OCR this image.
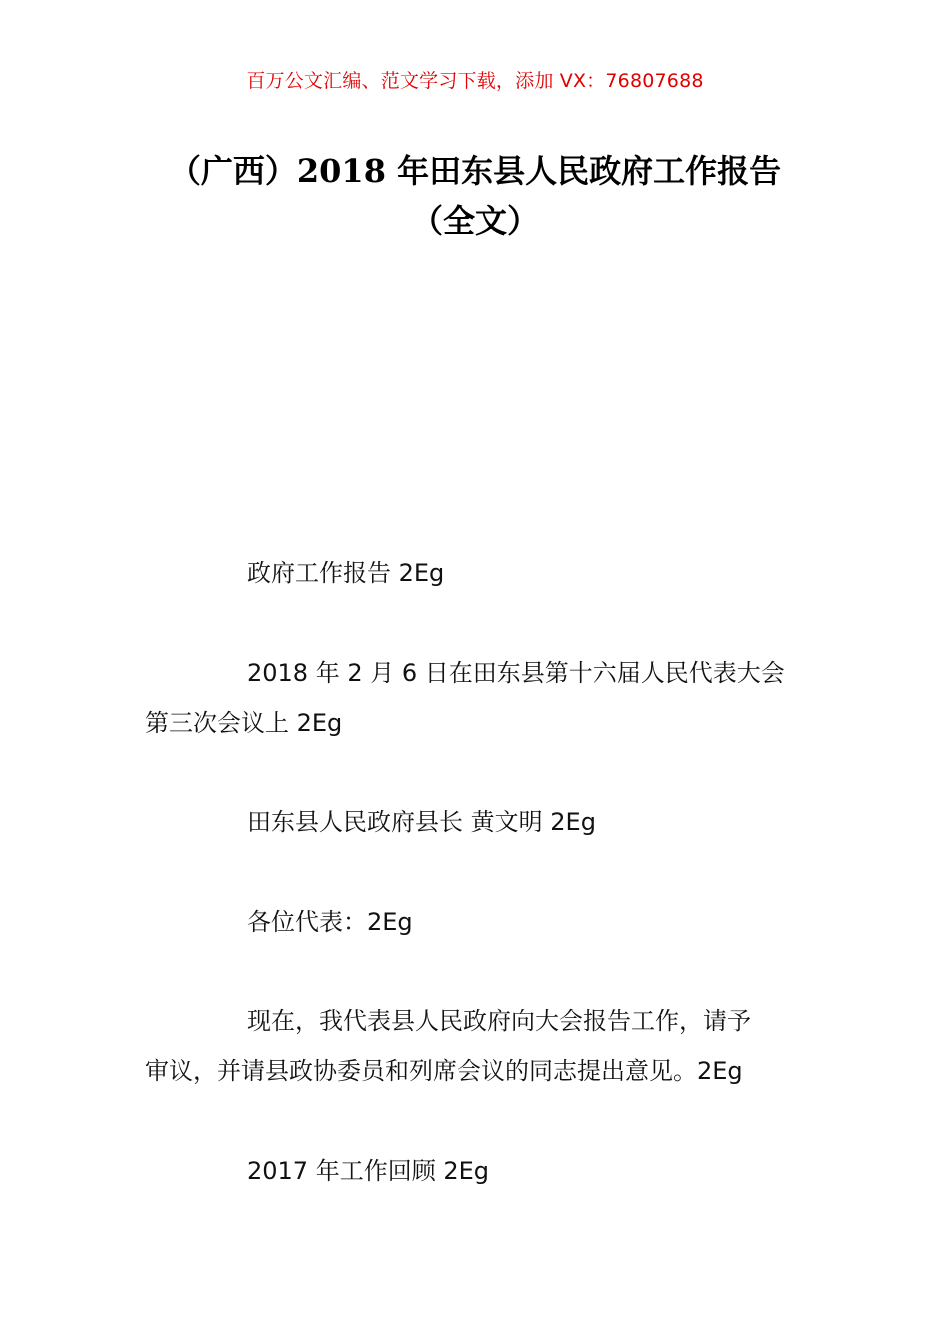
百万公文汇编、范文学习下载，添加 VX：76807688
（广西）2018 年田东县人民政府工作报告
（全文）

政府工作报告 2Eg

2018 年 2 月 6 日在田东县第十六届人民代表大会
第三次会议上 2Eg

田东县人民政府县长 黄文明 2Eg

各位代表：2Eg

现在，我代表县人民政府向大会报告工作，请予
审议，并请县政协委员和列席会议的同志提出意见。2Eg

2017 年工作回顾 2Eg
